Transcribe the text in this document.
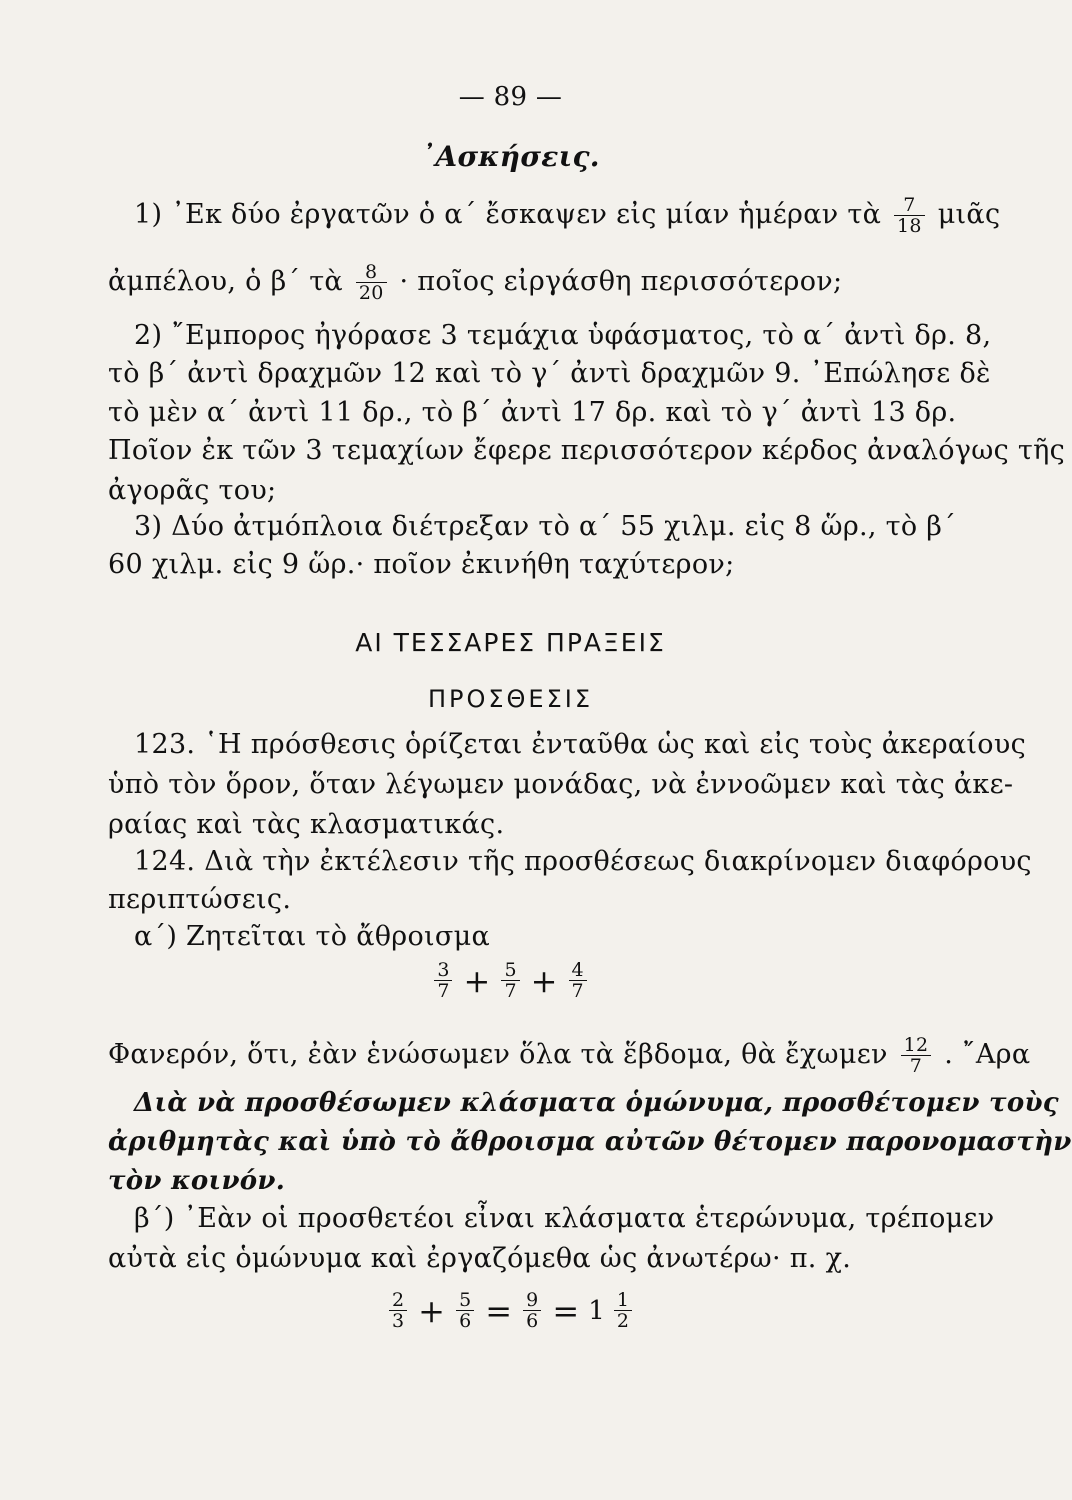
— 89 —
᾿Ασκήσεις.
1) ᾿Εκ δύο ἐργατῶν ὁ α΄ ἔσκαψεν εἰς μίαν ἡμέραν τὰ $\frac{7}{18}$ μιᾶς
ἀμπέλου, ὁ β΄ τὰ $\frac{8}{20}$ · ποῖος εἰργάσθη περισσότερον;
2) ῎Εμπορος ἠγόρασε 3 τεμάχια ὑφάσματος, τὸ α΄ ἀντὶ δρ. 8,
τὸ β΄ ἀντὶ δραχμῶν 12 καὶ τὸ γ΄ ἀντὶ δραχμῶν 9. ᾿Επώλησε δὲ
τὸ μὲν α΄ ἀντὶ 11 δρ., τὸ β΄ ἀντὶ 17 δρ. καὶ τὸ γ΄ ἀντὶ 13 δρ.
Ποῖον ἐκ τῶν 3 τεμαχίων ἔφερε περισσότερον κέρδος ἀναλόγως τῆς
ἀγορᾶς του;
3) Δύο ἀτμόπλοια διέτρεξαν τὸ α΄ 55 χιλμ. εἰς 8 ὥρ., τὸ β΄
60 χιλμ. εἰς 9 ὥρ.· ποῖον ἐκινήθη ταχύτερον;
ΑΙ ΤΕΣΣΑΡΕΣ ΠΡΑΞΕΙΣ
ΠΡΟΣΘΕΣΙΣ
123. ῾Η πρόσθεσις ὁρίζεται ἐνταῦθα ὡς καὶ εἰς τοὺς ἀκεραίους
ὑπὸ τὸν ὅρον, ὅταν λέγωμεν μονάδας, νὰ ἐννοῶμεν καὶ τὰς ἀκε-
ραίας καὶ τὰς κλασματικάς.
124. Διὰ τὴν ἐκτέλεσιν τῆς προσθέσεως διακρίνομεν διαφόρους
περιπτώσεις.
α΄) Ζητεῖται τὸ ἄθροισμα
$\frac{3}{7} + \frac{5}{7} + \frac{4}{7}$
Φανερόν, ὅτι, ἐὰν ἑνώσωμεν ὅλα τὰ ἕβδομα, θὰ ἔχωμεν $\frac{12}{7}$ . ῎Αρα
Διὰ νὰ προσθέσωμεν κλάσματα ὁμώνυμα, προσθέτομεν τοὺς
ἀριθμητὰς καὶ ὑπὸ τὸ ἄθροισμα αὐτῶν θέτομεν παρονομαστὴν
τὸν κοινόν.
β΄) ᾿Εὰν οἱ προσθετέοι εἶναι κλάσματα ἑτερώνυμα, τρέπομεν
αὐτὰ εἰς ὁμώνυμα καὶ ἐργαζόμεθα ὡς ἀνωτέρω· π. χ.
$\frac{2}{3} + \frac{5}{6} = \frac{9}{6} = 1 \frac{1}{2}$
